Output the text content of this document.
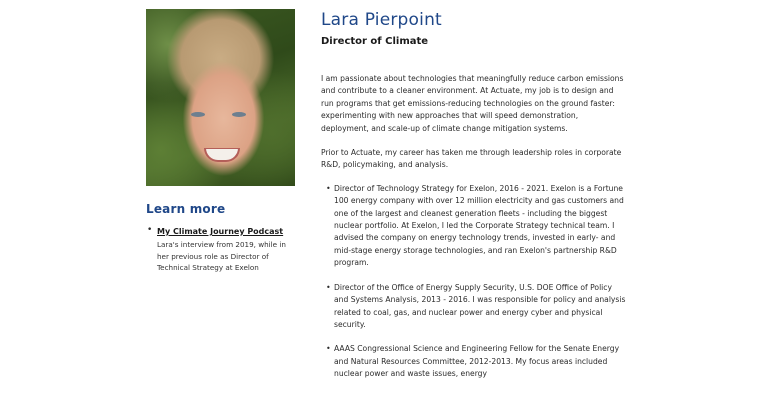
Learn more
• My Climate Journey Podcast

Lara's interview from 2019, while in her previous role as Director of Technical Strategy at Exelon

Lara Pierpoint
Director of Climate

I am passionate about technologies that meaningfully reduce carbon emissions and contribute to a cleaner environment. At Actuate, my job is to design and run programs that get emissions-reducing technologies on the ground faster: experimenting with new approaches that will speed demonstration, deployment, and scale-up of climate change mitigation systems.

Prior to Actuate, my career has taken me through leadership roles in corporate R&D, policymaking, and analysis.

• Director of Technology Strategy for Exelon, 2016 - 2021. Exelon is a Fortune 100 energy company with over 12 million electricity and gas customers and one of the largest and cleanest generation fleets - including the biggest nuclear portfolio. At Exelon, I led the Corporate Strategy technical team. I advised the company on energy technology trends, invested in early- and mid-stage energy storage technologies, and ran Exelon's partnership R&D program.
• Director of the Office of Energy Supply Security, U.S. DOE Office of Policy and Systems Analysis, 2013 - 2016. I was responsible for policy and analysis related to coal, gas, and nuclear power and energy cyber and physical security.
• AAAS Congressional Science and Engineering Fellow for the Senate Energy and Natural Resources Committee, 2012-2013. My focus areas included nuclear power and waste issues, energy
